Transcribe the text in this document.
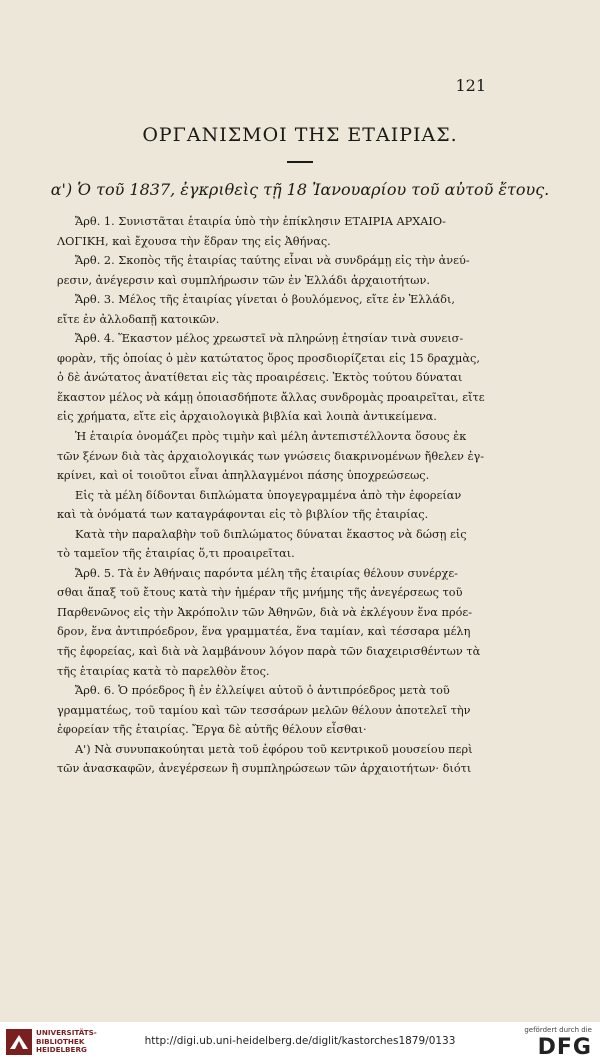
121
ΟΡΓΑΝΙΣΜΟΙ ΤΗΣ ΕΤΑΙΡΙΑΣ.
α') Ὁ τοῦ 1837, ἐγκριθεὶς τῇ 18 Ἰανουαρίου τοῦ αὐτοῦ ἔτους.

Ἄρθ. 1. Συνιστᾶται ἑταιρία ὑπὸ τὴν ἐπίκλησιν ΕΤΑΙΡΙΑ ΑΡΧΑΙΟ-

ΛΟΓΙΚΗ, καὶ ἔχουσα τὴν ἕδραν της εἰς Ἀθήνας.

Ἄρθ. 2. Σκοπὸς τῆς ἑταιρίας ταύτης εἶναι νὰ συνδράμῃ εἰς τὴν ἀνεύ-

ρεσιν, ἀνέγερσιν καὶ συμπλήρωσιν τῶν ἐν Ἑλλάδι ἀρχαιοτήτων.

Ἄρθ. 3. Μέλος τῆς ἑταιρίας γίνεται ὁ βουλόμενος, εἴτε ἐν Ἑλλάδι,

εἴτε ἐν ἀλλοδαπῇ κατοικῶν.

Ἄρθ. 4. Ἕκαστον μέλος χρεωστεῖ νὰ πληρώνῃ ἐτησίαν τινὰ συνεισ-

φορὰν, τῆς ὁποίας ὁ μὲν κατώτατος ὅρος προσδιορίζεται εἰς 15 δραχμὰς,

ὁ δὲ ἀνώτατος ἀνατίθεται εἰς τὰς προαιρέσεις. Ἐκτὸς τούτου δύναται

ἕκαστον μέλος νὰ κάμῃ ὁποιασδήποτε ἄλλας συνδρομὰς προαιρεῖται, εἴτε

εἰς χρήματα, εἴτε εἰς ἀρχαιολογικὰ βιβλία καὶ λοιπὰ ἀντικείμενα.

Ἡ ἑταιρία ὀνομάζει πρὸς τιμὴν καὶ μέλη ἀντεπιστέλλοντα ὅσους ἐκ

τῶν ξένων διὰ τὰς ἀρχαιολογικάς των γνώσεις διακρινομένων ἤθελεν ἐγ-

κρίνει, καὶ οἱ τοιοῦτοι εἶναι ἀπηλλαγμένοι πάσης ὑποχρεώσεως.

Εἰς τὰ μέλη δίδονται διπλώματα ὑπογεγραμμένα ἀπὸ τὴν ἐφορείαν

καὶ τὰ ὀνόματά των καταγράφονται εἰς τὸ βιβλίον τῆς ἑταιρίας.

Κατὰ τὴν παραλαβὴν τοῦ διπλώματος δύναται ἕκαστος νὰ δώσῃ εἰς

τὸ ταμεῖον τῆς ἑταιρίας ὅ,τι προαιρεῖται.

Ἄρθ. 5. Τὰ ἐν Ἀθήναις παρόντα μέλη τῆς ἑταιρίας θέλουν συνέρχε-

σθαι ἅπαξ τοῦ ἔτους κατὰ τὴν ἡμέραν τῆς μνήμης τῆς ἀνεγέρσεως τοῦ

Παρθενῶνος εἰς τὴν Ἀκρόπολιν τῶν Ἀθηνῶν, διὰ νὰ ἐκλέγουν ἕνα πρόε-

δρον, ἕνα ἀντιπρόεδρον, ἕνα γραμματέα, ἕνα ταμίαν, καὶ τέσσαρα μέλη

τῆς ἐφορείας, καὶ διὰ νὰ λαμβάνουν λόγον παρὰ τῶν διαχειρισθέντων τὰ

τῆς ἑταιρίας κατὰ τὸ παρελθὸν ἔτος.

Ἄρθ. 6. Ὁ πρόεδρος ἢ ἐν ἐλλείψει αὐτοῦ ὁ ἀντιπρόεδρος μετὰ τοῦ

γραμματέως, τοῦ ταμίου καὶ τῶν τεσσάρων μελῶν θέλουν ἀποτελεῖ τὴν

ἐφορείαν τῆς ἑταιρίας. Ἔργα δὲ αὐτῆς θέλουν εἶσθαι·

Α') Νὰ συνυπακούηται μετὰ τοῦ ἐφόρου τοῦ κεντρικοῦ μουσείου περὶ

τῶν ἀνασκαφῶν, ἀνεγέρσεων ἢ συμπληρώσεων τῶν ἀρχαιοτήτων· διότι

UNIVERSITÄTS-
BIBLIOTHEK
HEIDELBERG
http://digi.ub.uni-heidelberg.de/diglit/kastorches1879/0133
gefördert durch die
DFG
